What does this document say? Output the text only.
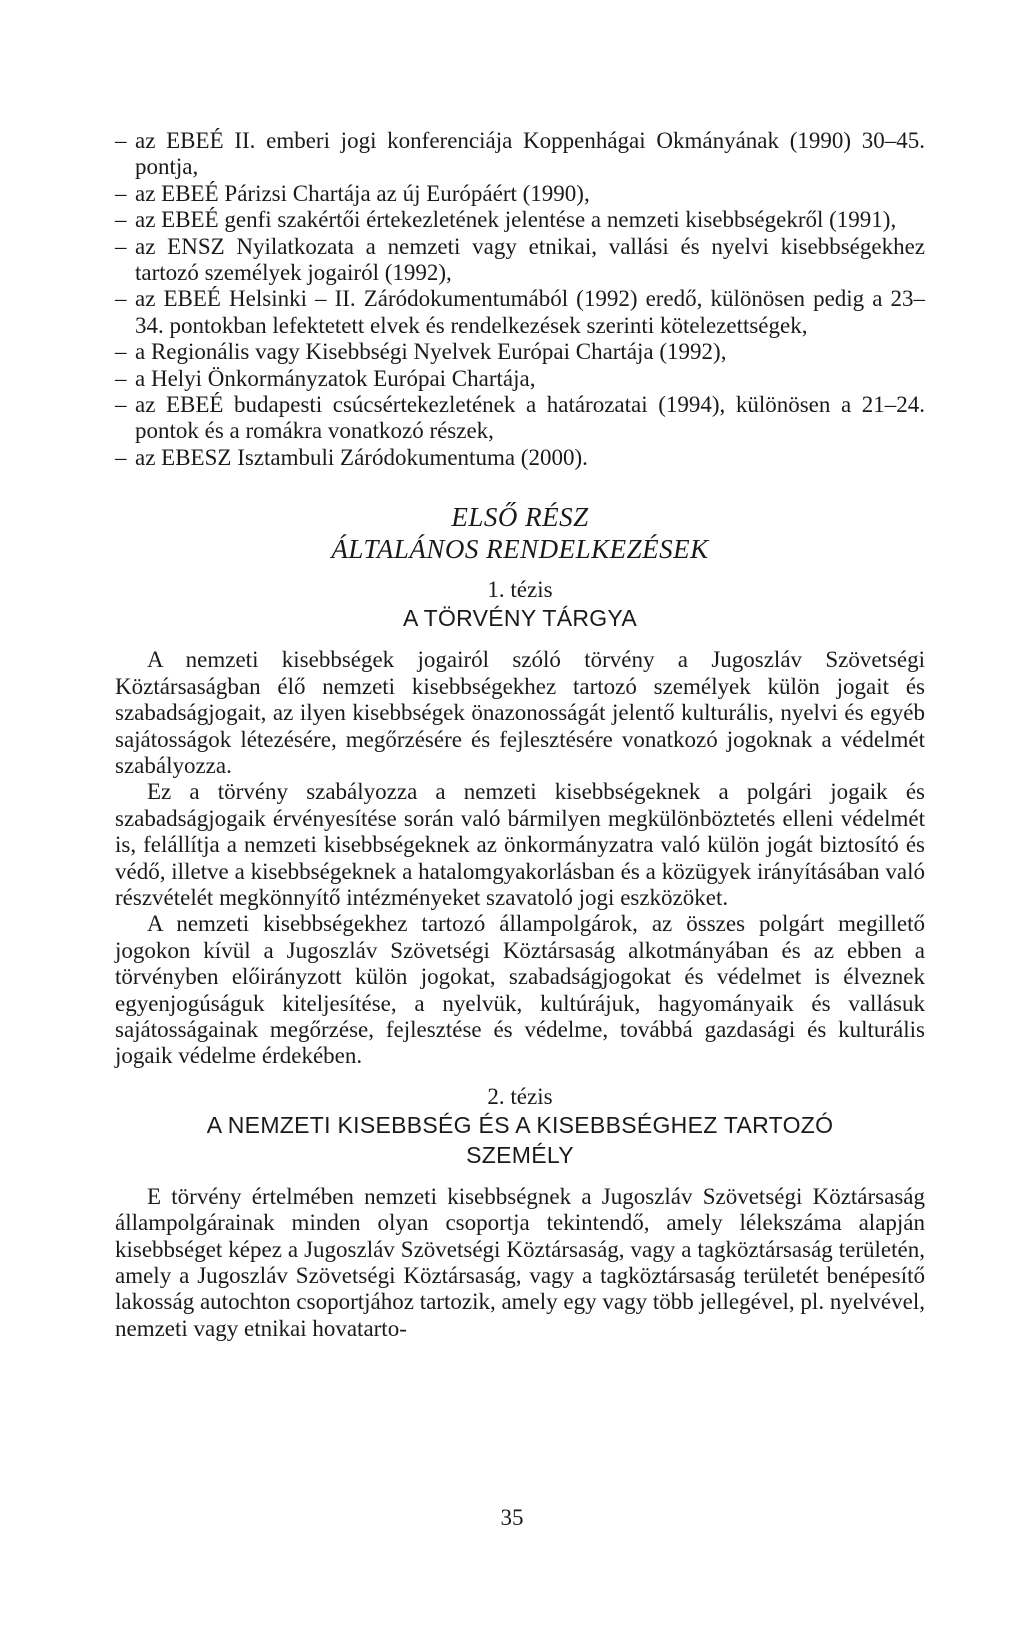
– az EBEÉ II. emberi jogi konferenciája Koppenhágai Okmányának (1990) 30–45. pontja,
– az EBEÉ Párizsi Chartája az új Európáért (1990),
– az EBEÉ genfi szakértői értekezletének jelentése a nemzeti kisebbségekről (1991),
– az ENSZ Nyilatkozata a nemzeti vagy etnikai, vallási és nyelvi kisebbségekhez tartozó személyek jogairól (1992),
– az EBEÉ Helsinki – II. Záródokumentumából (1992) eredő, különösen pedig a 23–34. pontokban lefektetett elvek és rendelkezések szerinti kötelezettségek,
– a Regionális vagy Kisebbségi Nyelvek Európai Chartája (1992),
– a Helyi Önkormányzatok Európai Chartája,
– az EBEÉ budapesti csúcsértekezletének a határozatai (1994), különösen a 21–24. pontok és a romákra vonatkozó részek,
– az EBESZ Isztambuli Záródokumentuma (2000).
ELSŐ RÉSZ
ÁLTALÁNOS RENDELKEZÉSEK
1. tézis
A TÖRVÉNY TÁRGYA

A nemzeti kisebbségek jogairól szóló törvény a Jugoszláv Szövetségi Köztársaságban élő nemzeti kisebbségekhez tartozó személyek külön jogait és szabadságjogait, az ilyen kisebbségek önazonosságát jelentő kulturális, nyelvi és egyéb sajátosságok létezésére, megőrzésére és fejlesztésére vonatkozó jogoknak a védelmét szabályozza.

Ez a törvény szabályozza a nemzeti kisebbségeknek a polgári jogaik és szabadságjogaik érvényesítése során való bármilyen megkülönböztetés elleni védelmét is, felállítja a nemzeti kisebbségeknek az önkormányzatra való külön jogát biztosító és védő, illetve a kisebbségeknek a hatalomgyakorlásban és a közügyek irányításában való részvételét megkönnyítő intézményeket szavatoló jogi eszközöket.

A nemzeti kisebbségekhez tartozó állampolgárok, az összes polgárt megillető jogokon kívül a Jugoszláv Szövetségi Köztársaság alkotmányában és az ebben a törvényben előirányzott külön jogokat, szabadságjogokat és védelmet is élveznek egyenjogúságuk kiteljesítése, a nyelvük, kultúrájuk, hagyományaik és vallásuk sajátosságainak megőrzése, fejlesztése és védelme, továbbá gazdasági és kulturális jogaik védelme érdekében.

2. tézis
A NEMZETI KISEBBSÉG ÉS A KISEBBSÉGHEZ TARTOZÓ
SZEMÉLY

E törvény értelmében nemzeti kisebbségnek a Jugoszláv Szövetségi Köztársaság állampolgárainak minden olyan csoportja tekintendő, amely lélekszáma alapján kisebbséget képez a Jugoszláv Szövetségi Köztársaság, vagy a tagköztársaság területén, amely a Jugoszláv Szövetségi Köztársaság, vagy a tagköztársaság területét benépesítő lakosság autochton csoportjához tartozik, amely egy vagy több jellegével, pl. nyelvével, nemzeti vagy etnikai hovatarto-

35
